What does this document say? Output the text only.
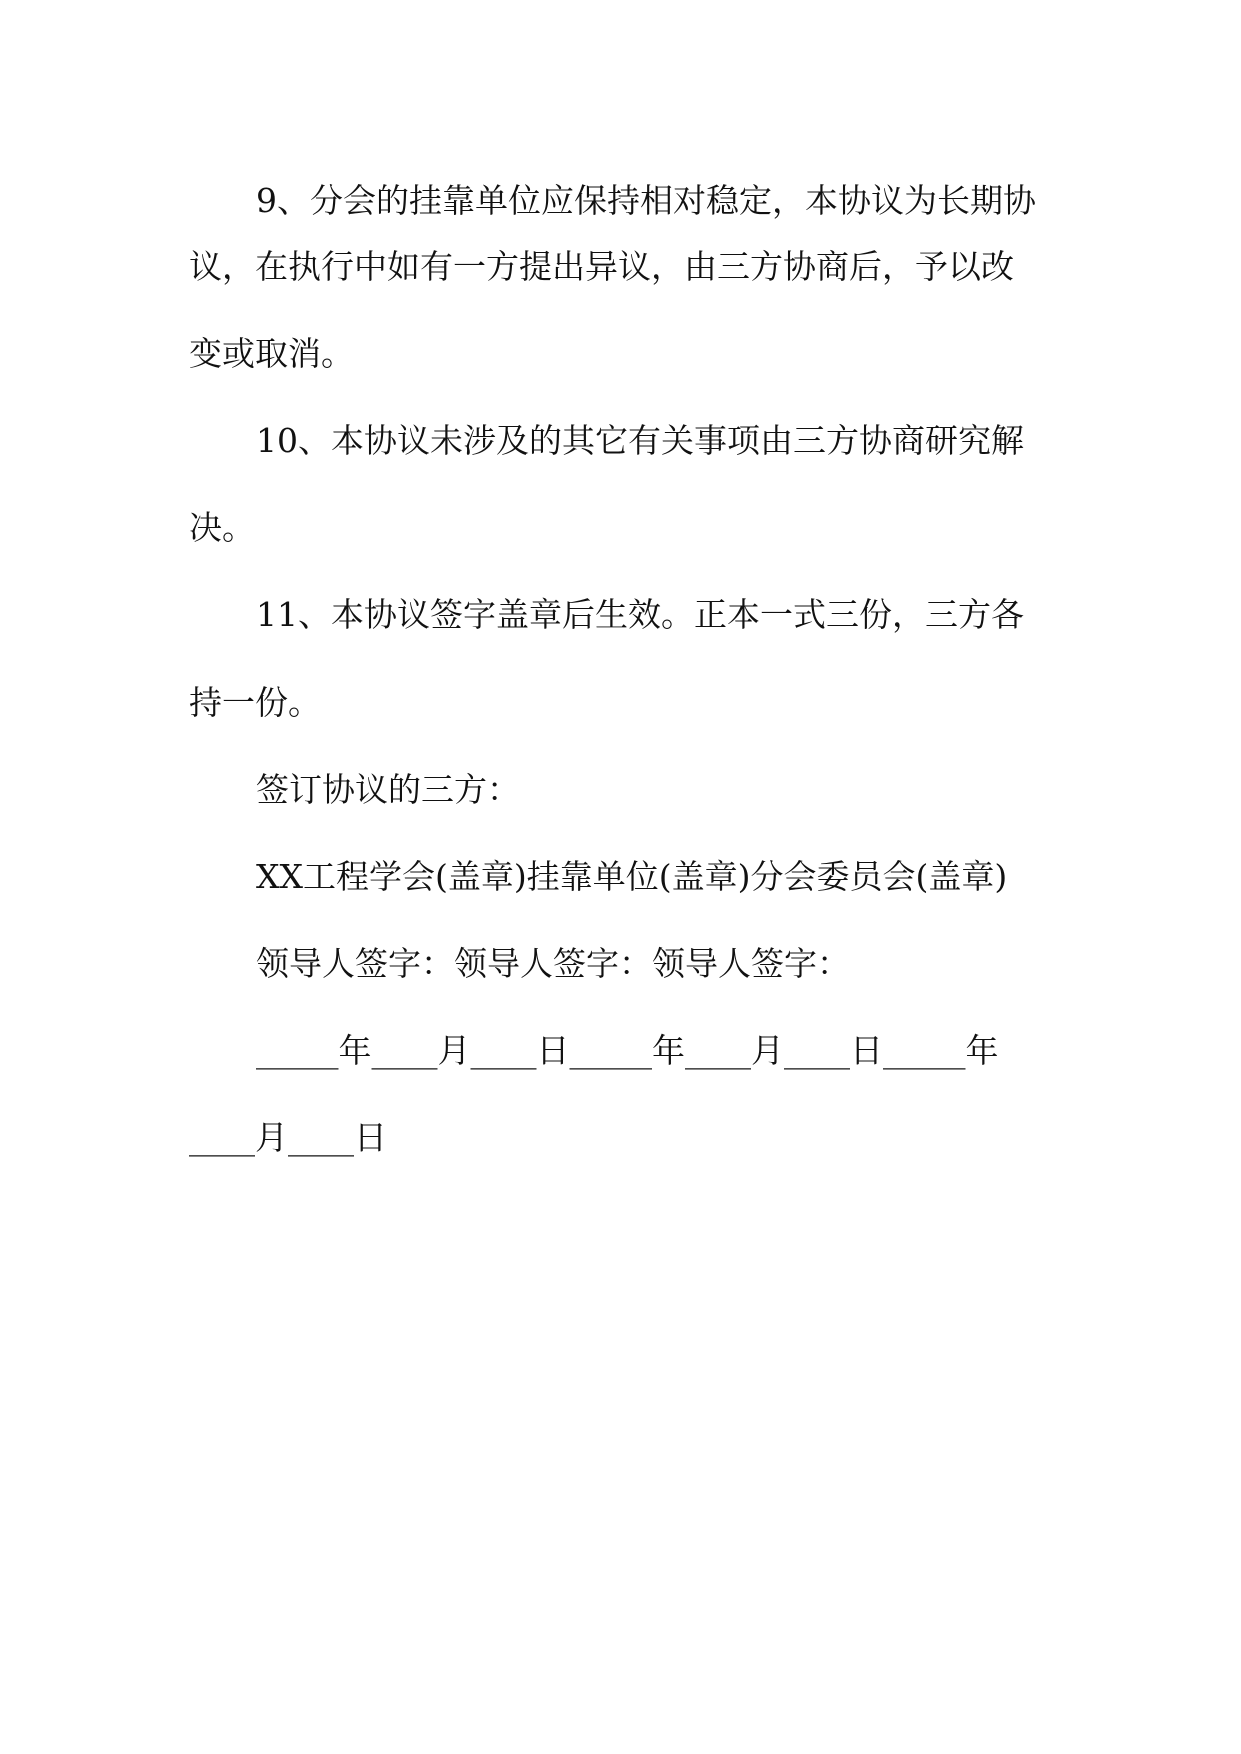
9、分会的挂靠单位应保持相对稳定，本协议为长期协
议，在执行中如有一方提出异议，由三方协商后，予以改
变或取消。
10、本协议未涉及的其它有关事项由三方协商研究解
决。
11、本协议签字盖章后生效。正本一式三份，三方各
持一份。
签订协议的三方：
XX工程学会(盖章)挂靠单位(盖章)分会委员会(盖章)
领导人签字：领导人签字：领导人签字：
_____年____月____日_____年____月____日_____年
____月____日
